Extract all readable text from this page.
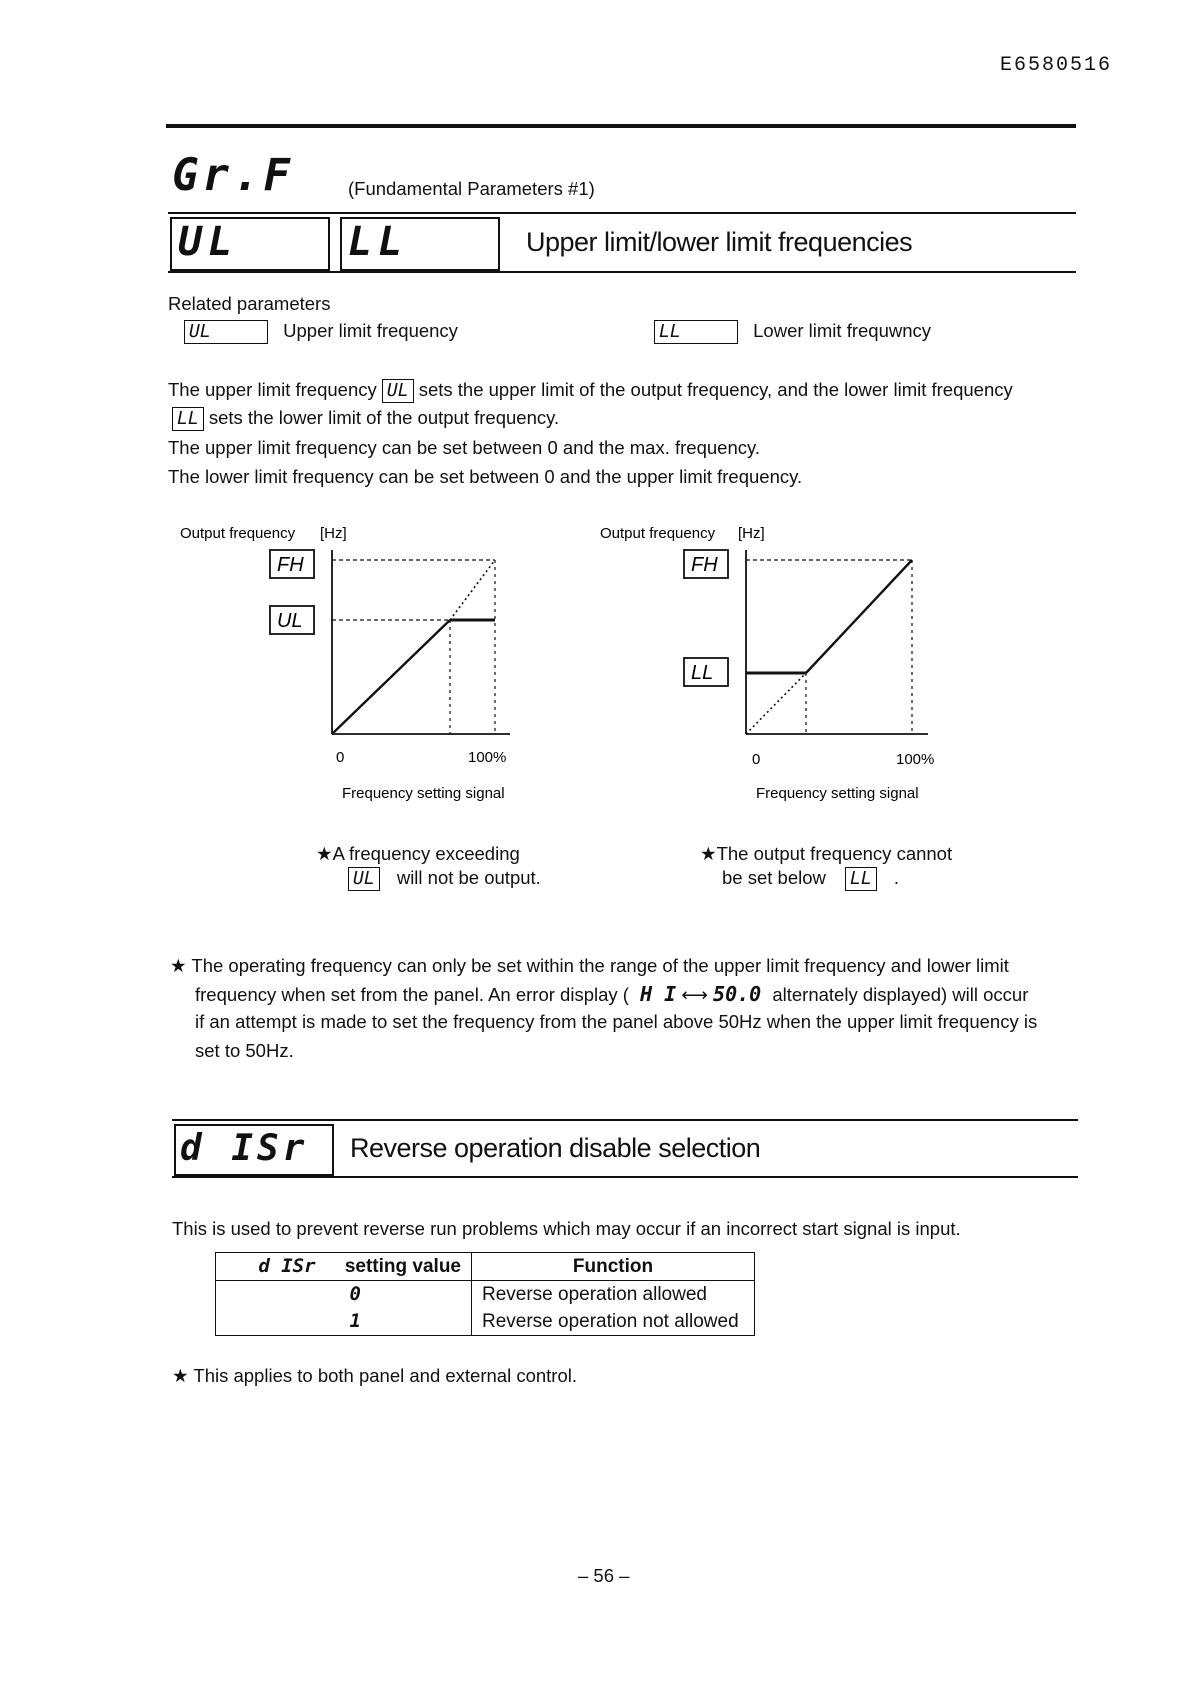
E6580516
Gr.F	(Fundamental Parameters #1)
UL	LL	Upper limit/lower limit frequencies
Related parameters
UL	Upper limit frequency	LL	Lower limit frequwncy
The upper limit frequency UL sets the upper limit of the output frequency, and the lower limit frequency
LL sets the lower limit of the output frequency.
The upper limit frequency can be set between 0 and the max. frequency.
The lower limit frequency can be set between 0 and the upper limit frequency.
Output frequency [Hz]
FH
UL
0	100%
Frequency setting signal
★A frequency exceeding
UL will not be output.
Output frequency [Hz]
FH
LL
0	100%
Frequency setting signal
★The output frequency cannot
be set below LL .
★ The operating frequency can only be set within the range of the upper limit frequency and lower limit
frequency when set from the panel. An error display ( H I ⟷ 50.0 alternately displayed) will occur
if an attempt is made to set the frequency from the panel above 50Hz when the upper limit frequency is
set to 50Hz.
d ISr Reverse operation disable selection
This is used to prevent reverse run problems which may occur if an incorrect start signal is input.
d ISr setting value	Function
0	Reverse operation allowed
1	Reverse operation not allowed
★ This applies to both panel and external control.
– 56 –
